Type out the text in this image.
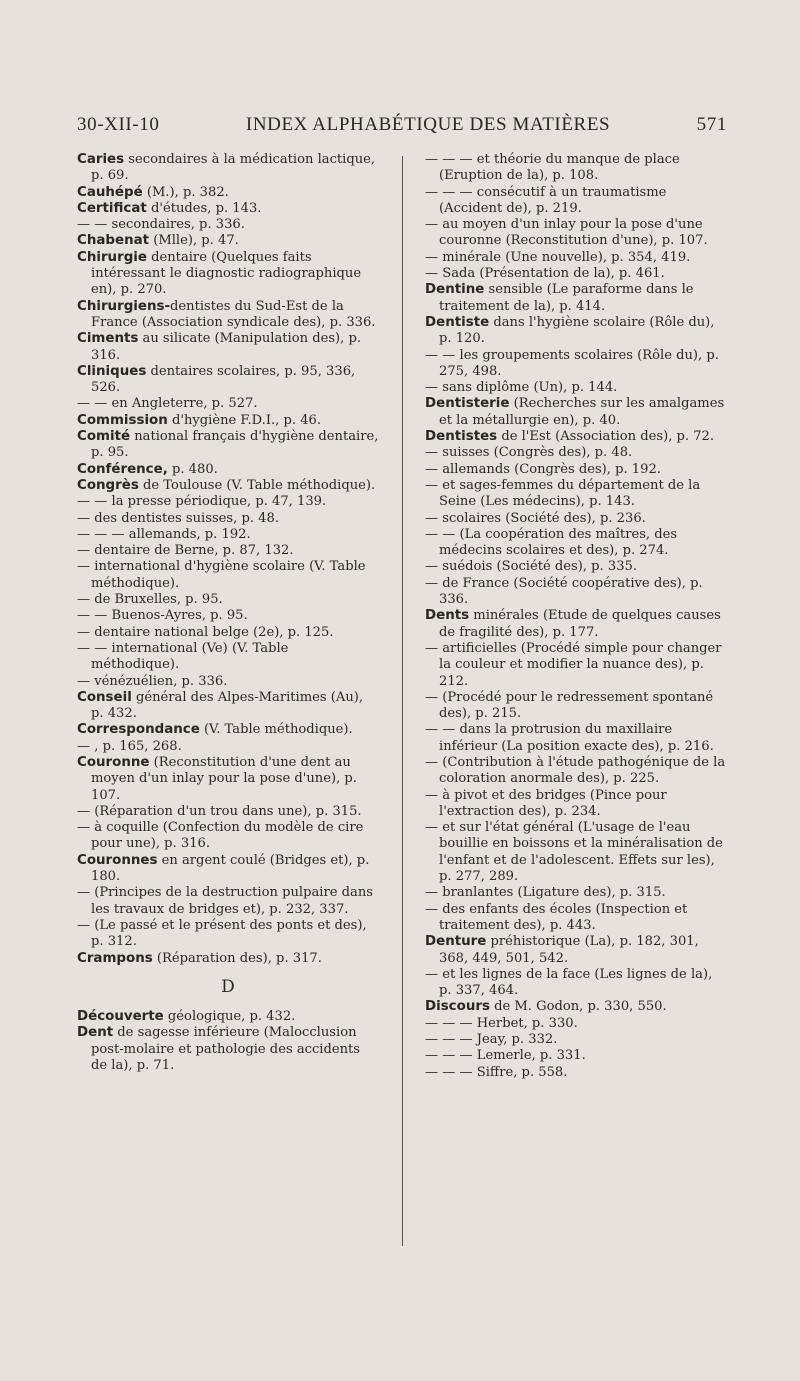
30-XII-10	INDEX ALPHABÉTIQUE DES MATIÈRES	571

Caries secondaires à la médication lactique, p. 69.

Cauhépé (M.), p. 382.

Certificat d'études, p. 143.

— — secondaires, p. 336.

Chabenat (Mlle), p. 47.

Chirurgie dentaire (Quelques faits intéressant le diagnostic radiographique en), p. 270.

Chirurgiens-dentistes du Sud-Est de la France (Association syndicale des), p. 336.

Ciments au silicate (Manipulation des), p. 316.

Cliniques dentaires scolaires, p. 95, 336, 526.

— — en Angleterre, p. 527.

Commission d'hygiène F.D.I., p. 46.

Comité national français d'hygiène dentaire, p. 95.

Conférence, p. 480.

Congrès de Toulouse (V. Table méthodique).

— — la presse périodique, p. 47, 139.

— des dentistes suisses, p. 48.

— — — allemands, p. 192.

— dentaire de Berne, p. 87, 132.

— international d'hygiène scolaire (V. Table méthodique).

— de Bruxelles, p. 95.

— — Buenos-Ayres, p. 95.

— dentaire national belge (2e), p. 125.

— — international (Ve) (V. Table méthodique).

— vénézuélien, p. 336.

Conseil général des Alpes-Maritimes (Au), p. 432.

Correspondance (V. Table méthodique).

— , p. 165, 268.

Couronne (Reconstitution d'une dent au moyen d'un inlay pour la pose d'une), p. 107.

— (Réparation d'un trou dans une), p. 315.

— à coquille (Confection du modèle de cire pour une), p. 316.

Couronnes en argent coulé (Bridges et), p. 180.

— (Principes de la destruction pulpaire dans les travaux de bridges et), p. 232, 337.

— (Le passé et le présent des ponts et des), p. 312.

Crampons (Réparation des), p. 317.

D

Découverte géologique, p. 432.

Dent de sagesse inférieure (Malocclusion post-molaire et pathologie des accidents de la), p. 71.

— — — et théorie du manque de place (Eruption de la), p. 108.

— — — consécutif à un traumatisme (Accident de), p. 219.

— au moyen d'un inlay pour la pose d'une couronne (Reconstitution d'une), p. 107.

— minérale (Une nouvelle), p. 354, 419.

— Sada (Présentation de la), p. 461.

Dentine sensible (Le paraforme dans le traitement de la), p. 414.

Dentiste dans l'hygiène scolaire (Rôle du), p. 120.

— — les groupements scolaires (Rôle du), p. 275, 498.

— sans diplôme (Un), p. 144.

Dentisterie (Recherches sur les amalgames et la métallurgie en), p. 40.

Dentistes de l'Est (Association des), p. 72.

— suisses (Congrès des), p. 48.

— allemands (Congrès des), p. 192.

— et sages-femmes du département de la Seine (Les médecins), p. 143.

— scolaires (Société des), p. 236.

— — (La coopération des maîtres, des médecins scolaires et des), p. 274.

— suédois (Société des), p. 335.

— de France (Société coopérative des), p. 336.

Dents minérales (Etude de quelques causes de fragilité des), p. 177.

— artificielles (Procédé simple pour changer la couleur et modifier la nuance des), p. 212.

— (Procédé pour le redressement spontané des), p. 215.

— — dans la protrusion du maxillaire inférieur (La position exacte des), p. 216.

— (Contribution à l'étude pathogénique de la coloration anormale des), p. 225.

— à pivot et des bridges (Pince pour l'extraction des), p. 234.

— et sur l'état général (L'usage de l'eau bouillie en boissons et la minéralisation de l'enfant et de l'adolescent. Effets sur les), p. 277, 289.

— branlantes (Ligature des), p. 315.

— des enfants des écoles (Inspection et traitement des), p. 443.

Denture préhistorique (La), p. 182, 301, 368, 449, 501, 542.

— et les lignes de la face (Les lignes de la), p. 337, 464.

Discours de M. Godon, p. 330, 550.

— — — Herbet, p. 330.

— — — Jeay, p. 332.

— — — Lemerle, p. 331.

— — — Siffre, p. 558.
